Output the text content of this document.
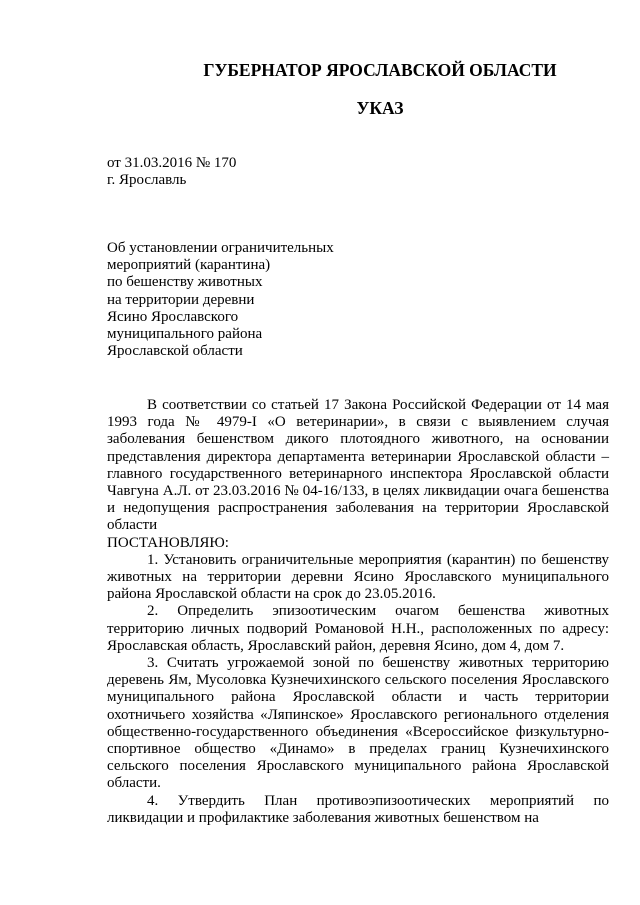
ГУБЕРНАТОР ЯРОСЛАВСКОЙ ОБЛАСТИ
УКАЗ
от 31.03.2016 № 170
г. Ярославль
Об установлении ограничительных
мероприятий (карантина)
по бешенству животных
на территории деревни
Ясино Ярославского
муниципального района
Ярославской области

В соответствии со статьей 17 Закона Российской Федерации от 14 мая 1993 года № 4979-I «О ветеринарии», в связи с выявлением случая заболевания бешенством дикого плотоядного животного, на основании представления директора департамента ветеринарии Ярославской области – главного государственного ветеринарного инспектора Ярославской области Чавгуна А.Л. от 23.03.2016 № 04-16/133, в целях ликвидации очага бешенства и недопущения распространения заболевания на территории Ярославской области

ПОСТАНОВЛЯЮ:

1. Установить ограничительные мероприятия (карантин) по бешенству животных на территории деревни Ясино Ярославского муниципального района Ярославской области на срок до 23.05.2016.

2. Определить эпизоотическим очагом бешенства животных территорию личных подворий Романовой Н.Н., расположенных по адресу: Ярославская область, Ярославский район, деревня Ясино, дом 4, дом 7.

3. Считать угрожаемой зоной по бешенству животных территорию деревень Ям, Мусоловка Кузнечихинского сельского поселения Ярославского муниципального района Ярославской области и часть территории охотничьего хозяйства «Ляпинское» Ярославского регионального отделения общественно-государственного объединения «Всероссийское физкультурно-спортивное общество «Динамо» в пределах границ Кузнечихинского сельского поселения Ярославского муниципального района Ярославской области.

4. Утвердить План противоэпизоотических мероприятий по ликвидации и профилактике заболевания животных бешенством на
